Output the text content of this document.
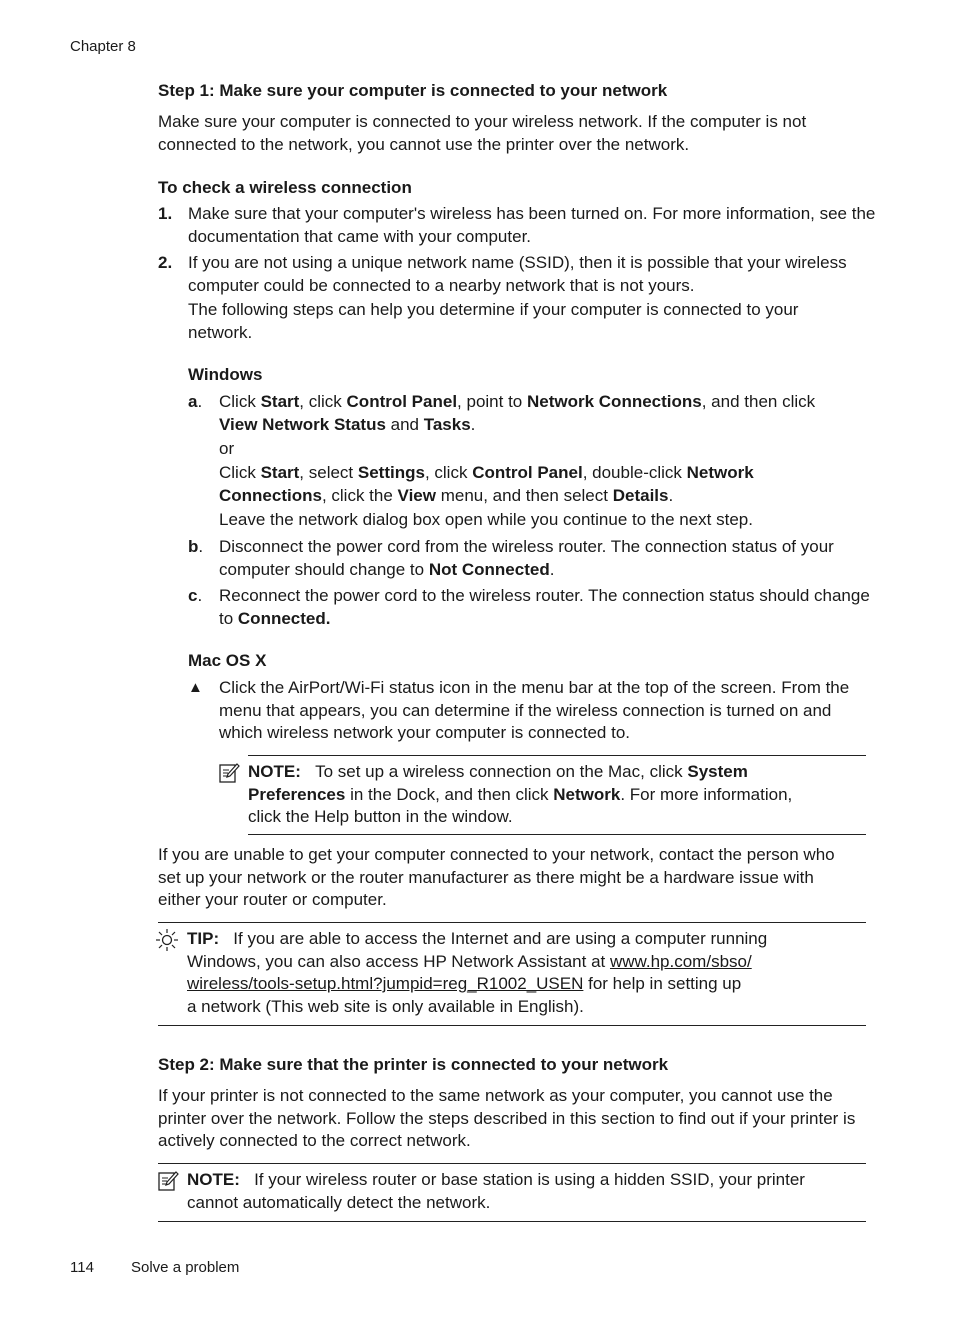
Chapter 8
Step 1: Make sure your computer is connected to your network
Make sure your computer is connected to your wireless network. If the computer is not connected to the network, you cannot use the printer over the network.
To check a wireless connection
1. Make sure that your computer's wireless has been turned on. For more information, see the documentation that came with your computer.
2. If you are not using a unique network name (SSID), then it is possible that your wireless computer could be connected to a nearby network that is not yours.
The following steps can help you determine if your computer is connected to your network.
Windows
a. Click Start, click Control Panel, point to Network Connections, and then click
View Network Status and Tasks.
or
Click Start, select Settings, click Control Panel, double-click Network
Connections, click the View menu, and then select Details.
Leave the network dialog box open while you continue to the next step.
b. Disconnect the power cord from the wireless router. The connection status of your computer should change to Not Connected.
c. Reconnect the power cord to the wireless router. The connection status should change to Connected.
Mac OS X
▲ Click the AirPort/Wi-Fi status icon in the menu bar at the top of the screen. From the menu that appears, you can determine if the wireless connection is turned on and which wireless network your computer is connected to.
NOTE: To set up a wireless connection on the Mac, click System
Preferences in the Dock, and then click Network. For more information,
click the Help button in the window.
If you are unable to get your computer connected to your network, contact the person who set up your network or the router manufacturer as there might be a hardware issue with either your router or computer.
TIP: If you are able to access the Internet and are using a computer running
Windows, you can also access HP Network Assistant at www.hp.com/sbso/
wireless/tools-setup.html?jumpid=reg_R1002_USEN for help in setting up
a network (This web site is only available in English).
Step 2: Make sure that the printer is connected to your network
If your printer is not connected to the same network as your computer, you cannot use the printer over the network. Follow the steps described in this section to find out if your printer is actively connected to the correct network.
NOTE: If your wireless router or base station is using a hidden SSID, your printer
cannot automatically detect the network.
114 Solve a problem
